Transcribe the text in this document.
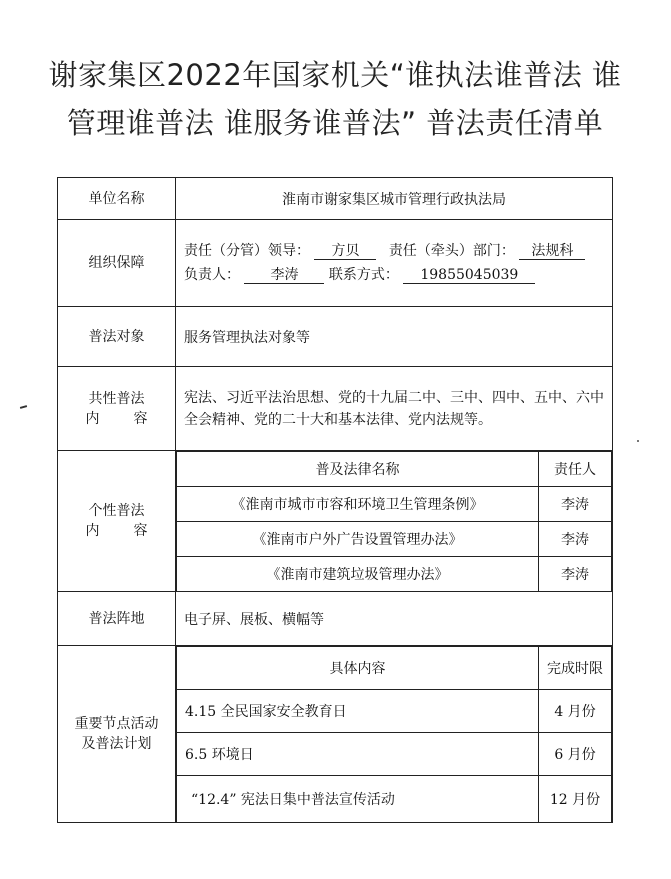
谢家集区2022年国家机关“谁执法谁普法 谁
管理谁普法 谁服务谁普法” 普法责任清单
单位名称	淮南市谢家集区城市管理行政执法局
组织保障	
责任（分管）领导： 方贝 责任（牵头）部门： 法规科
负责人： 李涛 联系方式： 19855045039

普法对象	服务管理执法对象等

共性普法
内 容
	宪法、习近平法治思想、党的十九届二中、三中、四中、五中、六中全会精神、党的二十大和基本法律、党内法规等。

个性普法
内 容

普及法律名称	责任人
《淮南市城市市容和环境卫生管理条例》	李涛
《淮南市户外广告设置管理办法》	李涛
《淮南市建筑垃圾管理办法》	李涛

普法阵地	电子屏、展板、横幅等

重要节点活动
及普法计划

具体内容	完成时限
4.15 全民国家安全教育日	4 月份
6.5 环境日	6 月份
“12.4” 宪法日集中普法宣传活动	12 月份
